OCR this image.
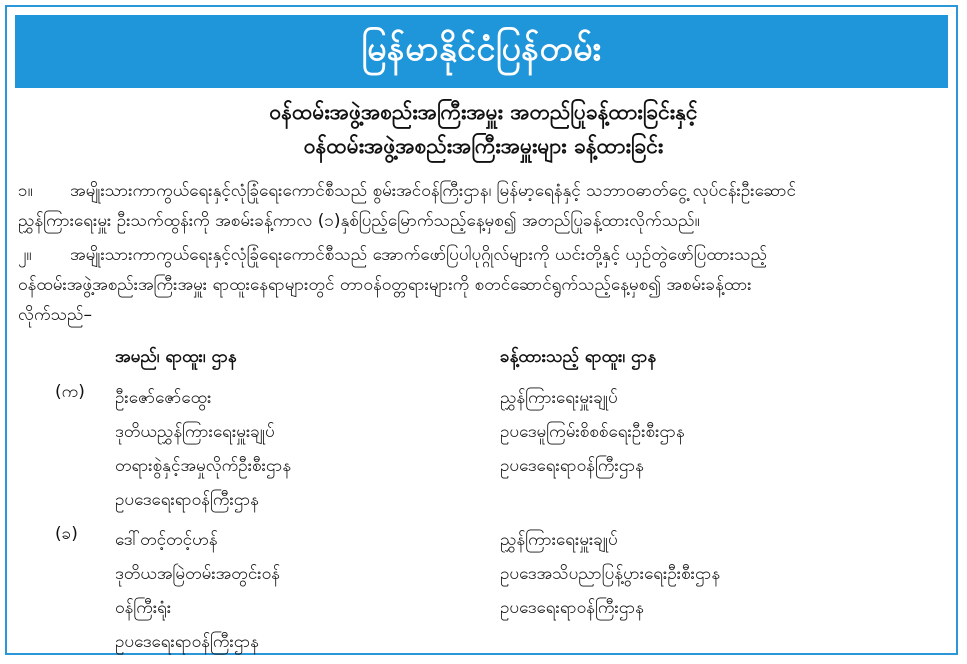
မြန်မာနိုင်ငံပြန်တမ်း
ဝန်ထမ်းအဖွဲ့အစည်းအကြီးအမှူး အတည်ပြုခန့်ထားခြင်းနှင့်
ဝန်ထမ်းအဖွဲ့အစည်းအကြီးအမှူးများ ခန့်ထားခြင်း
၁။ အမျိုးသားကာကွယ်ရေးနှင့်လုံခြုံရေးကောင်စီသည် စွမ်းအင်ဝန်ကြီးဌာန၊ မြန်မာ့ရေနံနှင့် သဘာဝဓာတ်ငွေ့ လုပ်ငန်းဦးဆောင်
ညွှန်ကြားရေးမှူး ဦးသက်ထွန်းကို အစမ်းခန့်ကာလ (၁)နှစ်ပြည့်မြောက်သည့်နေ့မှစ၍ အတည်ပြုခန့်ထားလိုက်သည်။
၂။ အမျိုးသားကာကွယ်ရေးနှင့်လုံခြုံရေးကောင်စီသည် အောက်ဖော်ပြပါပုဂ္ဂိုလ်များကို ယင်းတို့နှင့် ယှဉ်တွဲဖော်ပြထားသည့်
ဝန်ထမ်းအဖွဲ့အစည်းအကြီးအမှူး ရာထူးနေရာများတွင် တာဝန်ဝတ္တရားများကို စတင်ဆောင်ရွက်သည့်နေ့မှစ၍ အစမ်းခန့်ထား
လိုက်သည်–
အမည်၊ ရာထူး၊ ဌာန	ခန့်ထားသည့် ရာထူး၊ ဌာန
(က) ဦးဇော်ဇော်ထွေး
ဒုတိယညွှန်ကြားရေးမှူးချုပ်
တရားစွဲနှင့်အမှုလိုက်ဦးစီးဌာန
ဥပဒေရေးရာဝန်ကြီးဌာန
ညွှန်ကြားရေးမှူးချုပ်
ဥပဒေမူကြမ်းစိစစ်ရေးဦးစီးဌာန
ဥပဒေရေးရာဝန်ကြီးဌာန
(ခ) ဒေါ်တင့်တင့်ဟန်
ဒုတိယအမြဲတမ်းအတွင်းဝန်
ဝန်ကြီးရုံး
ဥပဒေရေးရာဝန်ကြီးဌာန
ညွှန်ကြားရေးမှူးချုပ်
ဥပဒေအသိပညာပြန့်ပွားရေးဦးစီးဌာန
ဥပဒေရေးရာဝန်ကြီးဌာန
